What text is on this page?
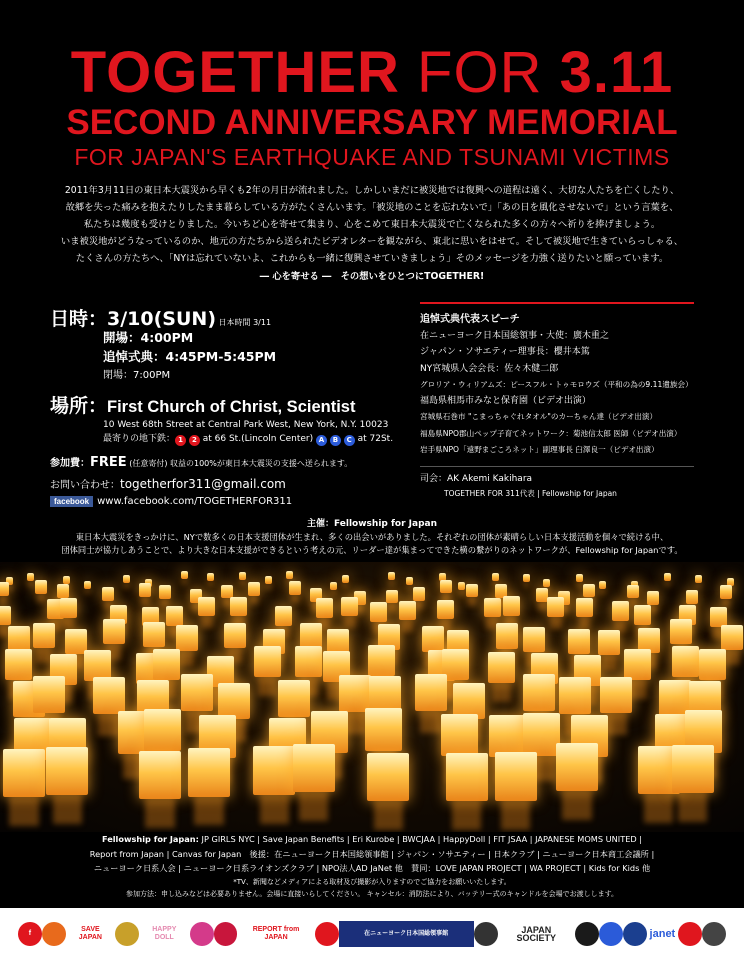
TOGETHER FOR 3.11
SECOND ANNIVERSARY MEMORIAL
FOR JAPAN'S EARTHQUAKE AND TSUNAMI VICTIMS

2011年3月11日の東日本大震災から早くも2年の月日が流れました。しかしいまだに被災地では復興への道程は遠く、大切な人たちを亡くしたり、

故郷を失った痛みを抱えたりしたまま暮らしている方がたくさんいます。「被災地のことを忘れないで」「あの日を風化させないで」という言葉を、

私たちは幾度も受けとりました。今いちど心を寄せて集まり、心をこめて東日本大震災で亡くなられた多くの方々へ祈りを捧げましょう。

いま被災地がどうなっているのか、地元の方たちから送られたビデオレターを観ながら、東北に思いをはせて。そして被災地で生きていらっしゃる、

たくさんの方たちへ、「NYは忘れていないよ、これからも一緒に復興させていきましょう」そのメッセージを力強く送りたいと願っています。

― 心を寄せる ―　その想いをひとつにTOGETHER!

日時：3/10(SUN) 日本時間 3/11
開場：4:00PM
追悼式典：4:45PM-5:45PM
閉場：7:00PM
場所：First Church of Christ, Scientist
10 West 68th Street at Central Park West, New York, N.Y. 10023
最寄りの地下鉄： 1 2 at 66 St.(Lincoln Center) A B C at 72St.
参加費：FREE (任意寄付) 収益の100%が東日本大震災の支援へ送られます。
お問い合わせ：togetherfor311@gmail.com
facebook www.facebook.com/TOGETHERFOR311
追悼式典代表スピーチ
在ニューヨーク日本国総領事・大使：廣木重之
ジャパン・ソサエティー理事長：櫻井本篤
NY宮城県人会会長：佐々木健二郎
グロリア・ウィリアムズ：ピースフル・トゥモロウズ（平和の為の9.11遺族会）
福島県相馬市みなと保育園（ビデオ出演）
宮城県石巻市 "こまっちゃぐれタオル"のカーちゃん達（ビデオ出演）
福島県NPO郡山ペップ子育てネットワーク：菊池信太郎 医師（ビデオ出演）
岩手県NPO「遠野まごころネット」副理事長 臼澤良一（ビデオ出演）
司会：AK Akemi Kakihara
TOGETHER FOR 311代表 | Fellowship for Japan
主催：Fellowship for Japan

東日本大震災をきっかけに、NYで数多くの日本支援団体が生まれ、多くの出会いがありました。それぞれの団体が素晴らしい日本支援活動を個々で続ける中、

団体同士が協力しあうことで、より大きな日本支援ができるという考えの元、リーダー達が集まってできた横の繋がりのネットワークが、Fellowship for Japanです。

Fellowship for Japan: JP GIRLS NYC | Save Japan Benefits | Eri Kurobe | BWCJAA | HappyDoll | FIT JSAA | JAPANESE MOMS UNITED |

Report from Japan | Canvas for Japan　後援：在ニューヨーク日本国総領事館 | ジャパン・ソサエティー | 日本クラブ | ニューヨーク日本商工会議所 |

ニューヨーク日系人会 | ニューヨーク日系ライオンズクラブ | NPO法人AD JaNet 他　賛同：LOVE JAPAN PROJECT | WA PROJECT | Kids for Kids 他

*TV、新聞などメディアによる取材及び撮影が入りますのでご協力をお願いいたします。

参加方法：申し込みなどは必要ありません。会場に直接いらしてください。 キャンセル：消防法により、バッテリー式のキャンドルを会場でお渡しします。

f
SAVE JAPAN
HAPPY DOLL
REPORT from JAPAN	在ニューヨーク日本国総領事館	JAPAN SOCIETY	janet
